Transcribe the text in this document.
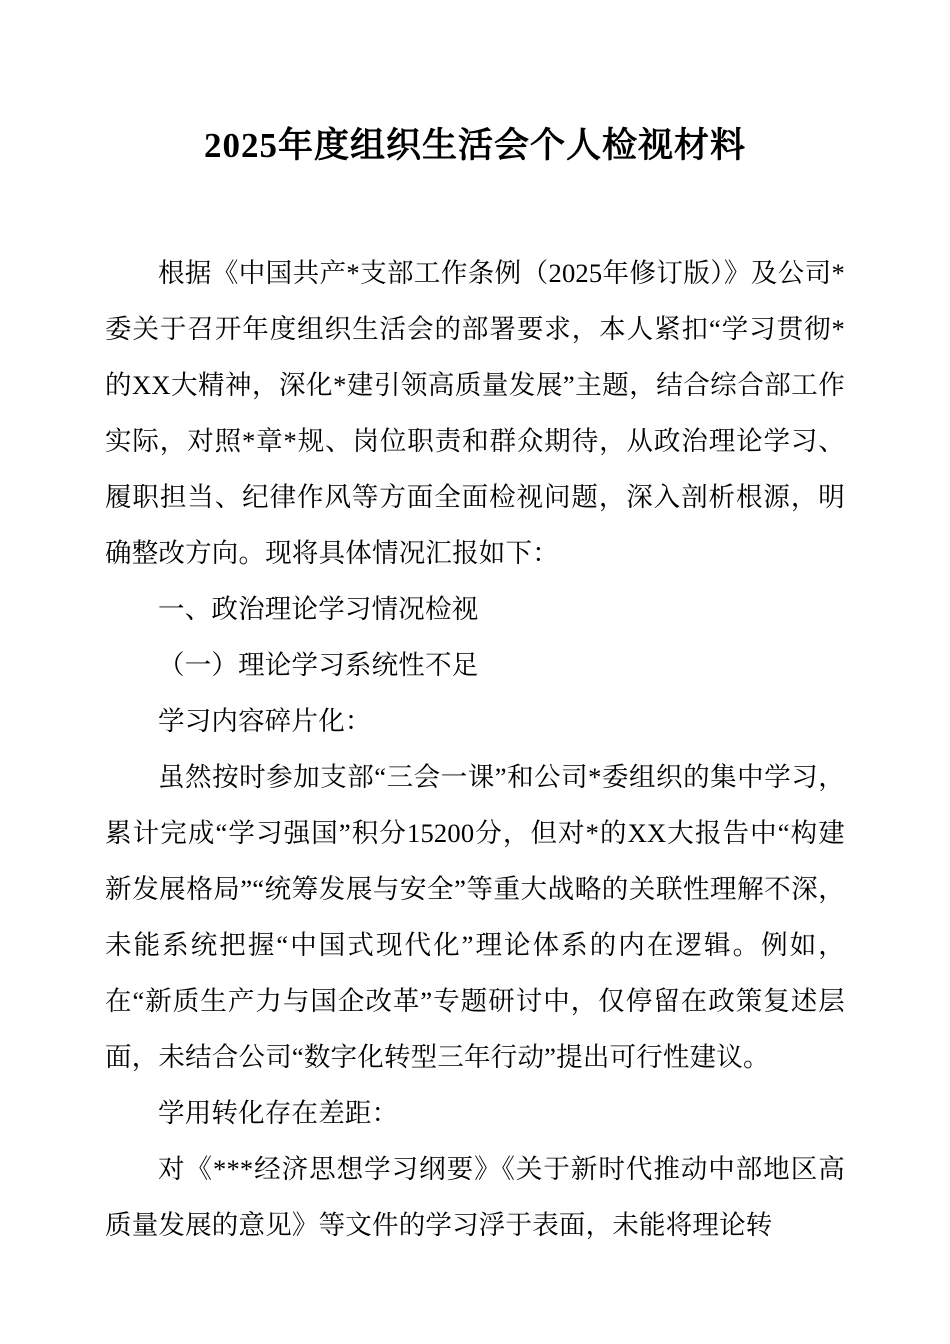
2025年度组织生活会个人检视材料

根据《中国共产*支部工作条例（2025年修订版）》及公司*委关于召开年度组织生活会的部署要求，本人紧扣“学习贯彻*的XX大精神，深化*建引领高质量发展”主题，结合综合部工作实际，对照*章*规、岗位职责和群众期待，从政治理论学习、履职担当、纪律作风等方面全面检视问题，深入剖析根源，明确整改方向。现将具体情况汇报如下：

一、政治理论学习情况检视

（一）理论学习系统性不足

学习内容碎片化：

虽然按时参加支部“三会一课”和公司*委组织的集中学习，累计完成“学习强国”积分15200分，但对*的XX大报告中“构建新发展格局”“统筹发展与安全”等重大战略的关联性理解不深，未能系统把握“中国式现代化”理论体系的内在逻辑。例如，在“新质生产力与国企改革”专题研讨中，仅停留在政策复述层面，未结合公司“数字化转型三年行动”提出可行性建议。

学用转化存在差距：

对《***经济思想学习纲要》《关于新时代推动中部地区高质量发展的意见》等文件的学习浮于表面，未能将理论转
